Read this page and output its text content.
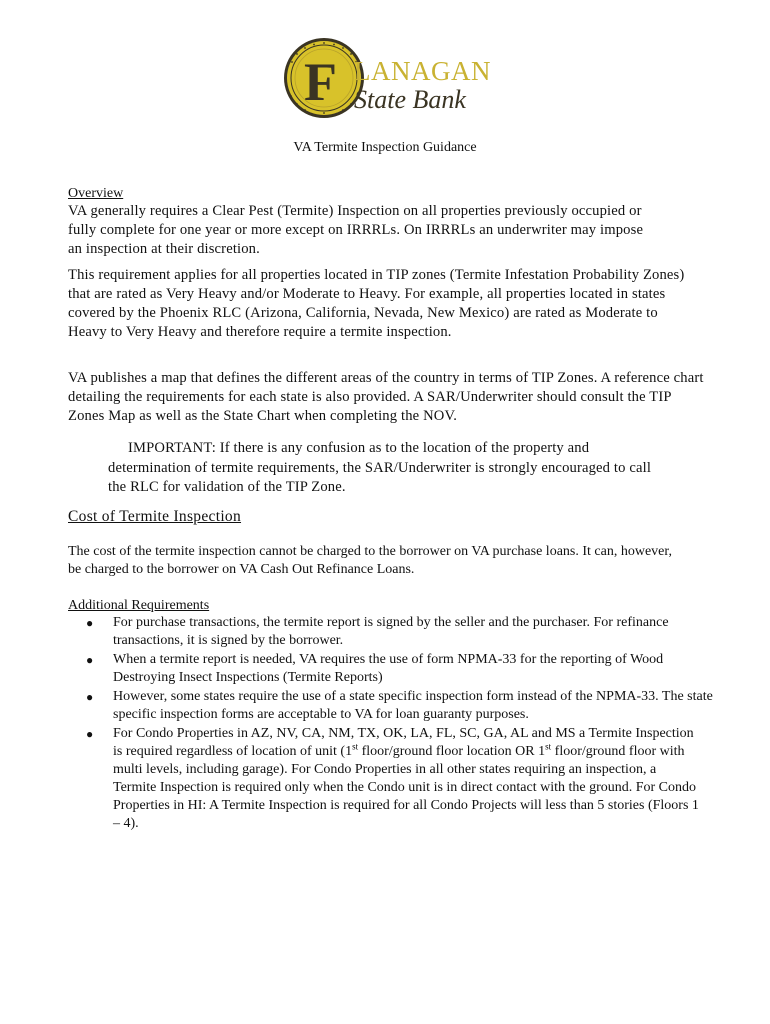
F LANAGAN
State Bank
VA Termite Inspection Guidance
Overview
VA generally requires a Clear Pest (Termite) Inspection on all properties previously occupied or fully complete for one year or more except on IRRRLs. On IRRRLs an underwriter may impose an inspection at their discretion.
This requirement applies for all properties located in TIP zones (Termite Infestation Probability Zones) that are rated as Very Heavy and/or Moderate to Heavy. For example, all properties located in states covered by the Phoenix RLC (Arizona, California, Nevada, New Mexico) are rated as Moderate to Heavy to Very Heavy and therefore require a termite inspection.
VA publishes a map that defines the different areas of the country in terms of TIP Zones. A reference chart detailing the requirements for each state is also provided. A SAR/Underwriter should consult the TIP Zones Map as well as the State Chart when completing the NOV.
IMPORTANT: If there is any confusion as to the location of the property and
determination of termite requirements, the SAR/Underwriter is strongly encouraged to call the RLC for validation of the TIP Zone.
Cost of Termite Inspection
The cost of the termite inspection cannot be charged to the borrower on VA purchase loans. It can, however, be charged to the borrower on VA Cash Out Refinance Loans.
Additional Requirements
● For purchase transactions, the termite report is signed by the seller and the purchaser. For refinance transactions, it is signed by the borrower.
● When a termite report is needed, VA requires the use of form NPMA-33 for the reporting of Wood Destroying Insect Inspections (Termite Reports)
● However, some states require the use of a state specific inspection form instead of the NPMA-33. The state specific inspection forms are acceptable to VA for loan guaranty purposes.
● For Condo Properties in AZ, NV, CA, NM, TX, OK, LA, FL, SC, GA, AL and MS a Termite Inspection is required regardless of location of unit (1st floor/ground floor location OR 1st floor/ground floor with multi levels, including garage). For Condo Properties in all other states requiring an inspection, a Termite Inspection is required only when the Condo unit is in direct contact with the ground. For Condo Properties in HI: A Termite Inspection is required for all Condo Projects will less than 5 stories (Floors 1 – 4).
